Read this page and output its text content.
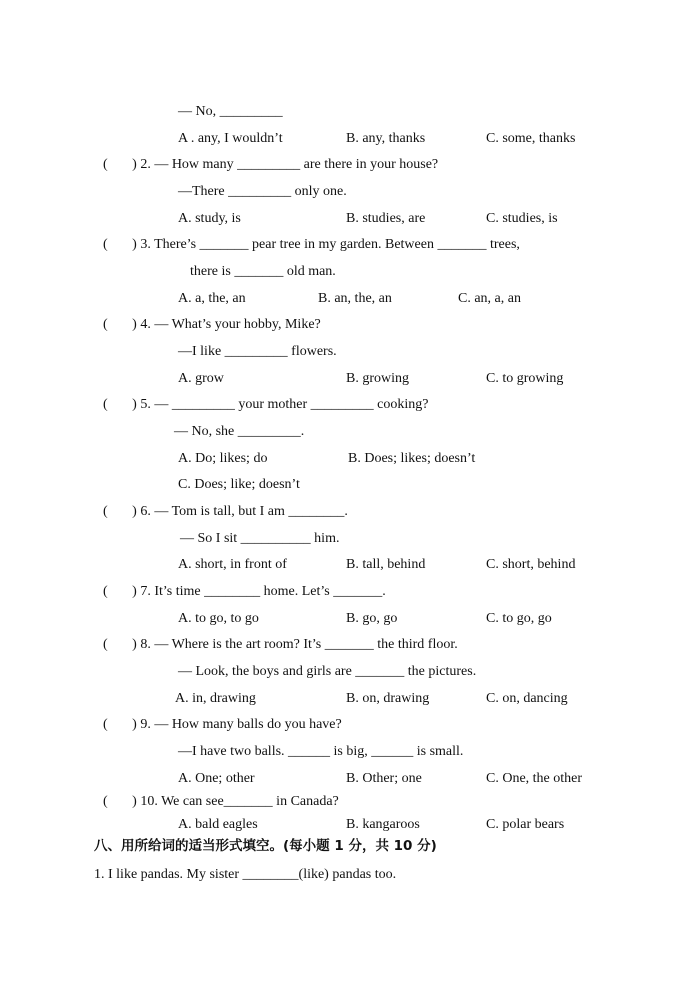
— No, _________
A . any, I wouldn’t	B. any, thanks	C. some, thanks
(       ) 2. — How many _________ are there in your house?
—There _________ only one.
A. study, is	B. studies, are	C. studies, is
(       ) 3. There’s _______ pear tree in my garden. Between _______ trees,
there is _______ old man.
A. a, the, an	B. an, the, an	C. an, a, an
(       ) 4. — What’s your hobby, Mike?
—I like _________ flowers.
A. grow	B. growing	C. to growing
(       ) 5. — _________ your mother _________ cooking?
— No, she _________.
A. Do; likes; do	B. Does; likes; doesn’t
C. Does; like; doesn’t
(       ) 6. — Tom is tall, but I am ________.
— So I sit __________ him.
A. short, in front of	B. tall, behind	C. short, behind
(       ) 7. It’s time ________ home. Let’s _______.
A. to go, to go	B. go, go	C. to go, go
(       ) 8. — Where is the art room? It’s _______ the third floor.
— Look, the boys and girls are _______ the pictures.
A. in, drawing	B. on, drawing	C. on, dancing
(       ) 9. — How many balls do you have?
—I have two balls. ______ is big, ______ is small.
A. One; other	B. Other; one	C. One, the other
(       ) 10. We can see_______ in Canada?
A. bald eagles	B. kangaroos	C. polar bears
八、用所给词的适当形式填空。(每小题 1 分，共 10 分)
1. I like pandas. My sister ________(like) pandas too.
